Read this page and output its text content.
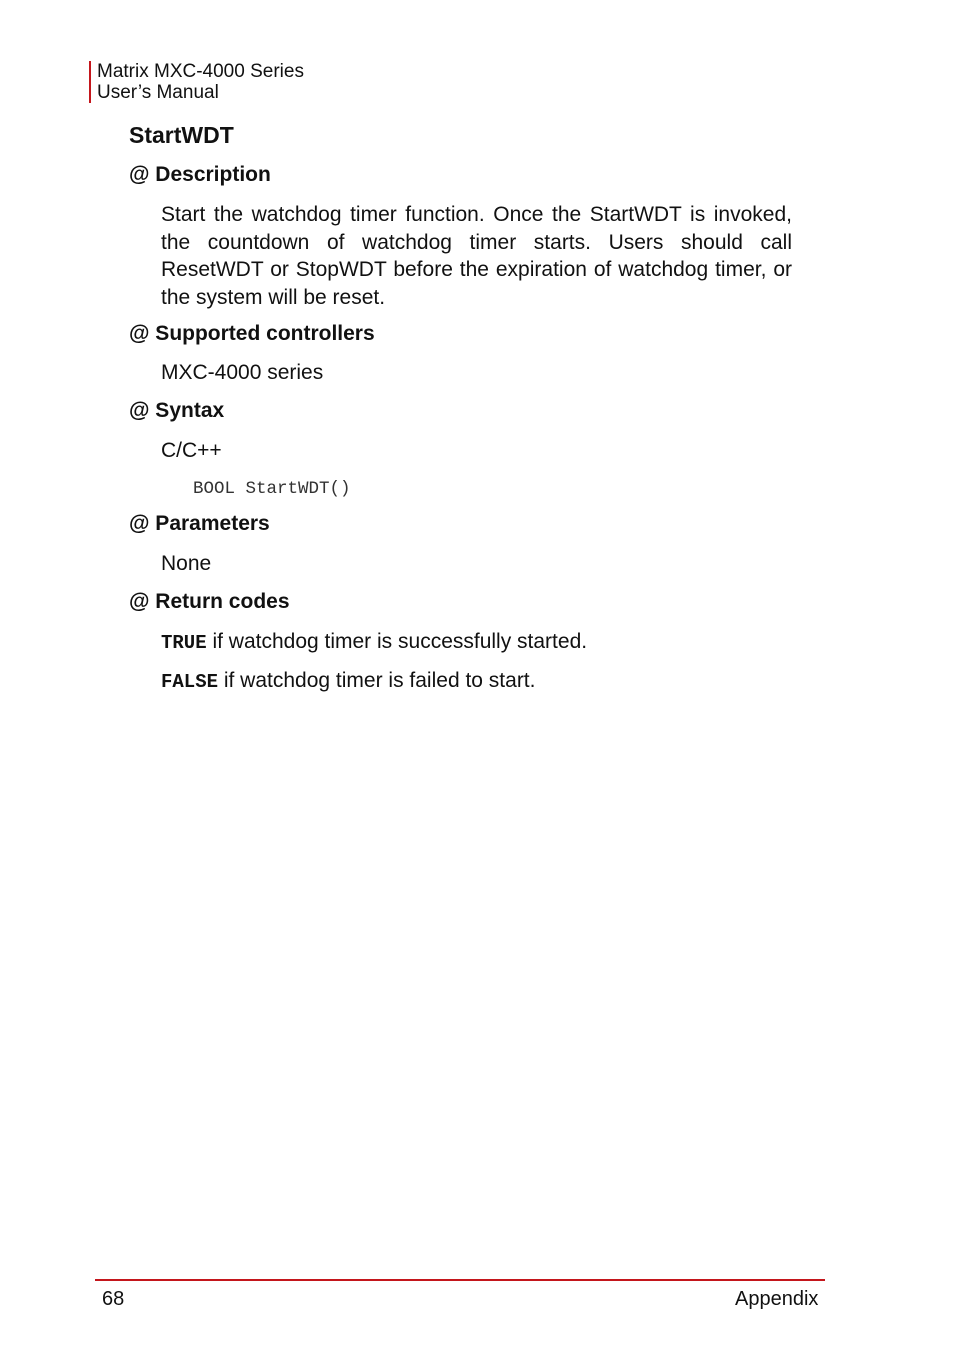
Matrix MXC-4000 Series
User’s Manual
StartWDT
@ Description

Start the watchdog timer function. Once the StartWDT is invoked, the countdown of watchdog timer starts. Users should call ResetWDT or StopWDT before the expiration of watchdog timer, or the system will be reset.

@ Supported controllers

MXC-4000 series

@ Syntax

C/C++

BOOL StartWDT()

@ Parameters

None

@ Return codes

TRUE if watchdog timer is successfully started.

FALSE if watchdog timer is failed to start.

68	Appendix
